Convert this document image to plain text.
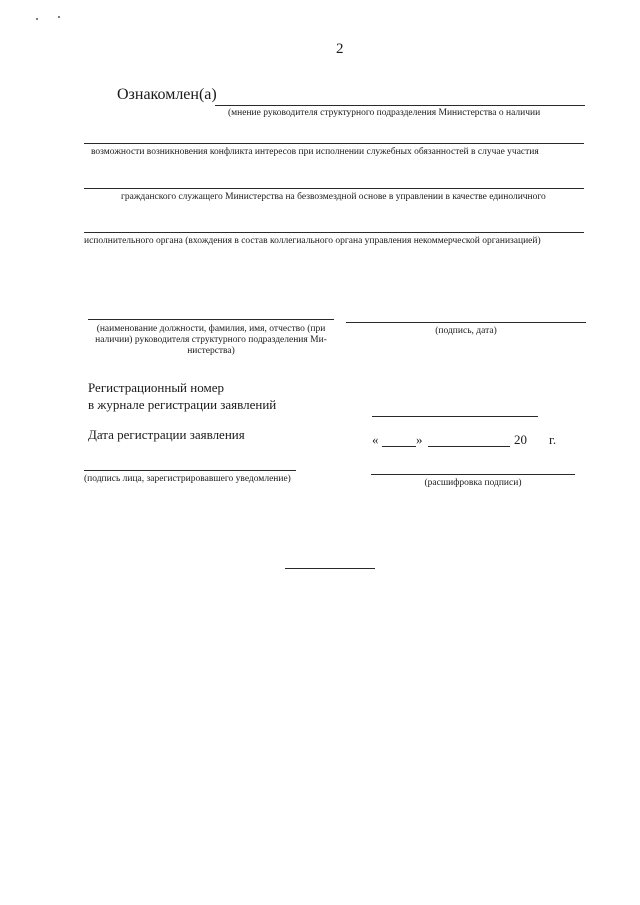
2
Ознакомлен(а)
(мнение руководителя структурного подразделения Министерства о наличии
возможности возникновения конфликта интересов при исполнении служебных обязанностей в случае участия
гражданского служащего Министерства на безвозмездной основе в управлении в качестве единоличного
исполнительного органа (вхождения в состав коллегиального органа управления некоммерческой организацией)
(наименование должности, фамилия, имя, отчество (при
наличии) руководителя структурного подразделения Ми-
нистерства)
(подпись, дата)
Регистрационный номер
в журнале регистрации заявлений
Дата регистрации заявления	«	»	20 г.
(подпись лица, зарегистрировавшего уведомление)	(расшифровка подписи)
